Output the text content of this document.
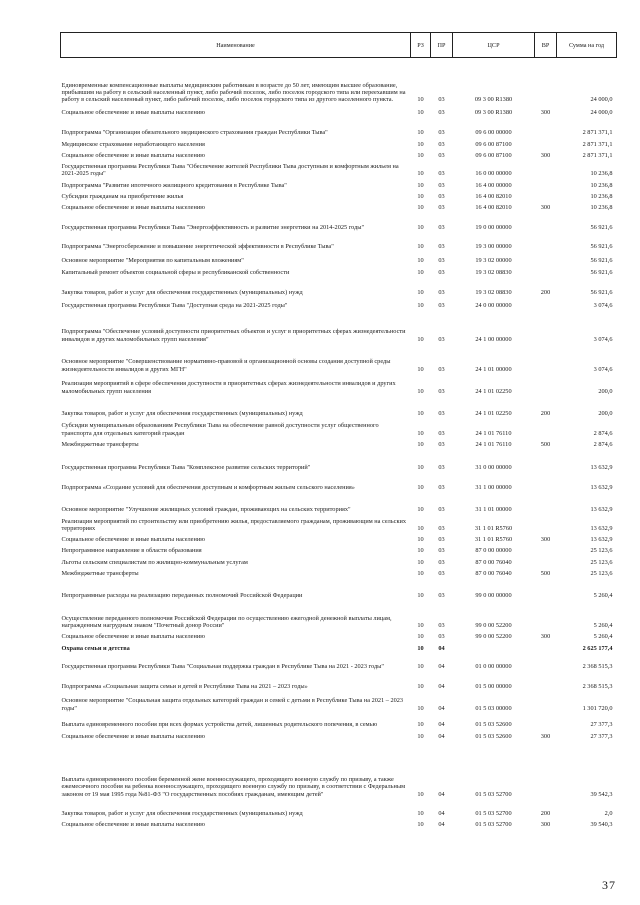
Наименование	РЗ	ПР	ЦСР	ВР	Сумма на год
Единовременные компенсационные выплаты медицинским работникам в возрасте до 50 лет, имеющим высшее образование, прибывшим на работу в сельский населенный пункт, либо рабочий поселок, либо поселок городского типа или переехавшим на работу в сельский населенный пункт, либо рабочий поселок, либо поселок городского типа из другого населенного пункта.	10	03	09 3 00 R1380		24 000,0
Социальное обеспечение и иные выплаты населению	10	03	09 3 00 R1380	300	24 000,0
Подпрограмма "Организация обязательного медицинского страхования граждан Республики Тыва"	10	03	09 6 00 00000		2 871 371,1
Медицинское страхование неработающего населения	10	03	09 6 00 87100		2 871 371,1
Социальное обеспечение и иные выплаты населению	10	03	09 6 00 87100	300	2 871 371,1
Государственная программа Республики Тыва "Обеспечение жителей Республики Тыва доступным и комфортным жильем на 2021-2025 годы"	10	03	16 0 00 00000		10 236,8
Подпрограмма "Развитие ипотечного жилищного кредитования в Республике Тыва"	10	03	16 4 00 00000		10 236,8
Субсидии гражданам на приобретение жилья	10	03	16 4 00 82010		10 236,8
Социальное обеспечение и иные выплаты населению	10	03	16 4 00 82010	300	10 236,8
Государственная программа Республики Тыва "Энергоэффективность и развитие энергетики на 2014-2025 годы"	10	03	19 0 00 00000		56 921,6
Подпрограмма "Энергосбережение и повышение энергетической эффективности в Республике Тыва"	10	03	19 3 00 00000		56 921,6
Основное мероприятие "Мероприятия по капитальным вложениям"	10	03	19 3 02 00000		56 921,6
Капитальный ремонт объектов социальной сферы и республиканской собственности	10	03	19 3 02 08830		56 921,6
Закупка товаров, работ и услуг для обеспечения государственных (муниципальных) нужд	10	03	19 3 02 08830	200	56 921,6
Государственная программа Республики Тыва "Доступная среда на 2021-2025 годы"	10	03	24 0 00 00000		3 074,6
Подпрограмма "Обеспечение условий доступности приоритетных объектов и услуг в приоритетных сферах жизнедеятельности инвалидов и других маломобильных групп населения"	10	03	24 1 00 00000		3 074,6
Основное мероприятие "Совершенствование нормативно-правовой и организационной основы создания доступной среды жизнедеятельности инвалидов и других МГН"	10	03	24 1 01 00000		3 074,6
Реализация мероприятий в сфере обеспечения доступности в приоритетных сферах жизнедеятельности инвалидов и других маломобильных групп населения	10	03	24 1 01 02250		200,0
Закупка товаров, работ и услуг для обеспечения государственных (муниципальных) нужд	10	03	24 1 01 02250	200	200,0
Субсидии муниципальным образованиям Республики Тыва на обеспечение равной доступности услуг общественного транспорта для отдельных категорий граждан	10	03	24 1 01 76110		2 874,6
Межбюджетные трансферты	10	03	24 1 01 76110	500	2 874,6
Государственная программа Республики Тыва "Комплексное развитие сельских территорий"	10	03	31 0 00 00000		13 632,9
Подпрограмма «Создание условий для обеспечения доступным и комфортным жильем сельского населения»	10	03	31 1 00 00000		13 632,9
Основное мероприятие "Улучшение жилищных условий граждан, проживающих на сельских территориях"	10	03	31 1 01 00000		13 632,9
Реализация мероприятий по строительству или приобретению жилья, предоставляемого гражданам, проживающим на сельских территориях	10	03	31 1 01 R5760		13 632,9
Социальное обеспечение и иные выплаты населению	10	03	31 1 01 R5760	300	13 632,9
Непрограммное направление в области образования	10	03	87 0 00 00000		25 123,6
Льготы сельским специалистам по жилищно-коммунальным услугам	10	03	87 0 00 76040		25 123,6
Межбюджетные трансферты	10	03	87 0 00 76040	500	25 123,6
Непрограммные расходы на реализацию переданных полномочий Российской Федерации	10	03	99 0 00 00000		5 260,4
Осуществление переданного полномочия Российской Федерации по осуществлению ежегодной денежной выплаты лицам, награжденным нагрудным знаком "Почетный донор России"	10	03	99 0 00 52200		5 260,4
Социальное обеспечение и иные выплаты населению	10	03	99 0 00 52200	300	5 260,4
Охрана семьи и детства	10	04			2 625 177,4
Государственная программа Республики Тыва "Социальная поддержка граждан в Республике Тыва на 2021 - 2023 годы"	10	04	01 0 00 00000		2 368 515,3
Подпрограмма «Социальная защита семьи и детей в Республике Тыва на 2021 – 2023 годы»	10	04	01 5 00 00000		2 368 515,3
Основное мероприятие "Социальная защита отдельных категорий граждан и семей с детьми в Республике Тыва на 2021 – 2023 годы"	10	04	01 5 03 00000		1 301 720,0
Выплата единовременного пособия при всех формах устройства детей, лишенных родительского попечения, в семью	10	04	01 5 03 52600		27 377,3
Социальное обеспечение и иные выплаты населению	10	04	01 5 03 52600	300	27 377,3
Выплата единовременного пособия беременной жене военнослужащего, проходящего военную службу по призыву, а также ежемесячного пособия на ребенка военнослужащего, проходящего военную службу по призыву, в соответствии с Федеральным законом от 19 мая 1995 года №81-ФЗ "О государственных пособиях гражданам, имеющим детей"	10	04	01 5 03 52700		39 542,3
Закупка товаров, работ и услуг для обеспечения государственных (муниципальных) нужд	10	04	01 5 03 52700	200	2,0
Социальное обеспечение и иные выплаты населению	10	04	01 5 03 52700	300	39 540,3
37
